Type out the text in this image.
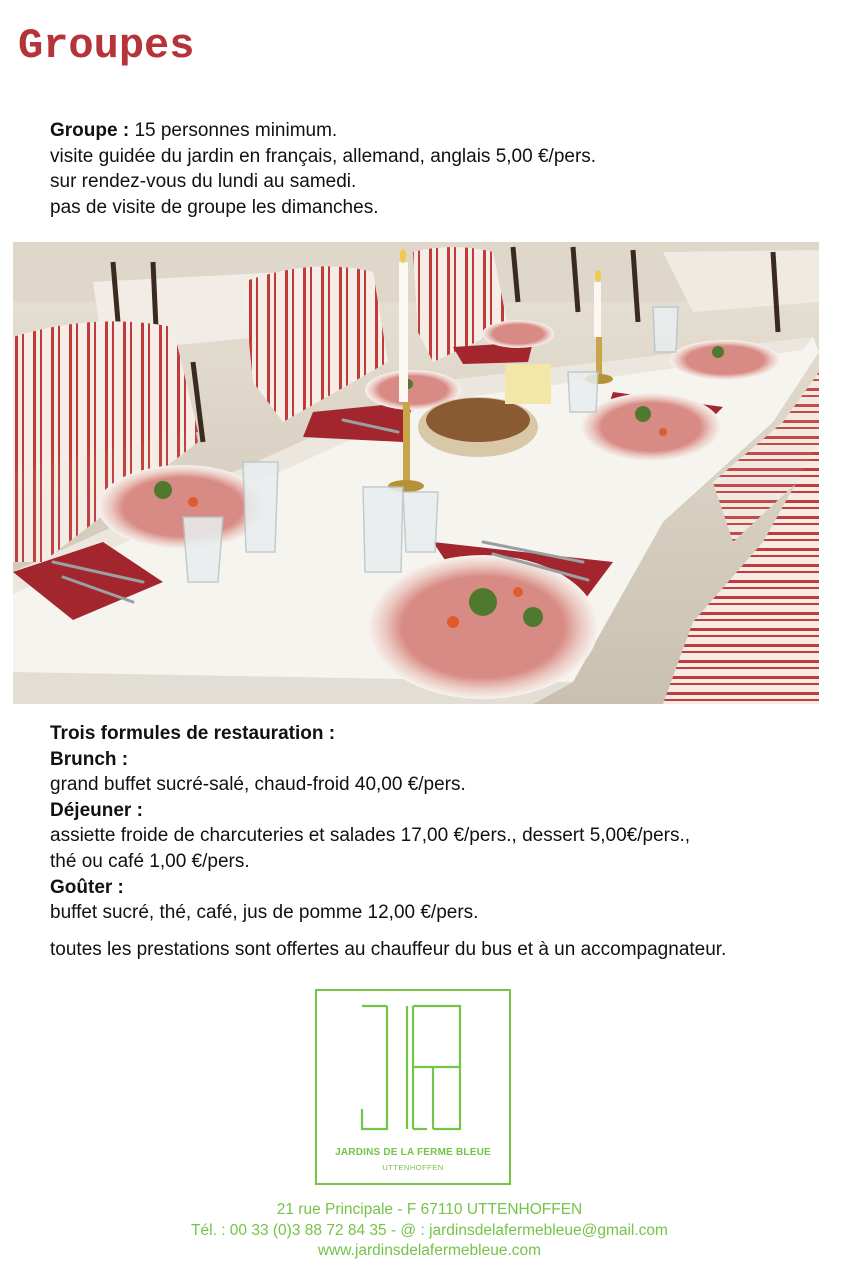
Groupes
Groupe : 15 personnes minimum.
visite guidée du jardin en français, allemand, anglais 5,00 €/pers.
sur rendez-vous du lundi au samedi.
pas de visite de groupe les dimanches.
Trois formules de restauration :
Brunch :
grand buffet sucré-salé, chaud-froid 40,00 €/pers.
Déjeuner :
assiette froide de charcuteries et salades 17,00 €/pers., dessert 5,00€/pers.,
thé ou café 1,00 €/pers.
Goûter :
buffet sucré, thé, café, jus de pomme 12,00 €/pers.
toutes les prestations sont offertes au chauffeur du bus et à un accompagnateur.
JARDINS DE LA FERME BLEUE
UTTENHOFFEN
21 rue Principale - F 67110 UTTENHOFFEN
Tél. : 00 33 (0)3 88 72 84 35 - @ : jardinsdelafermebleue@gmail.com
www.jardinsdelafermebleue.com
